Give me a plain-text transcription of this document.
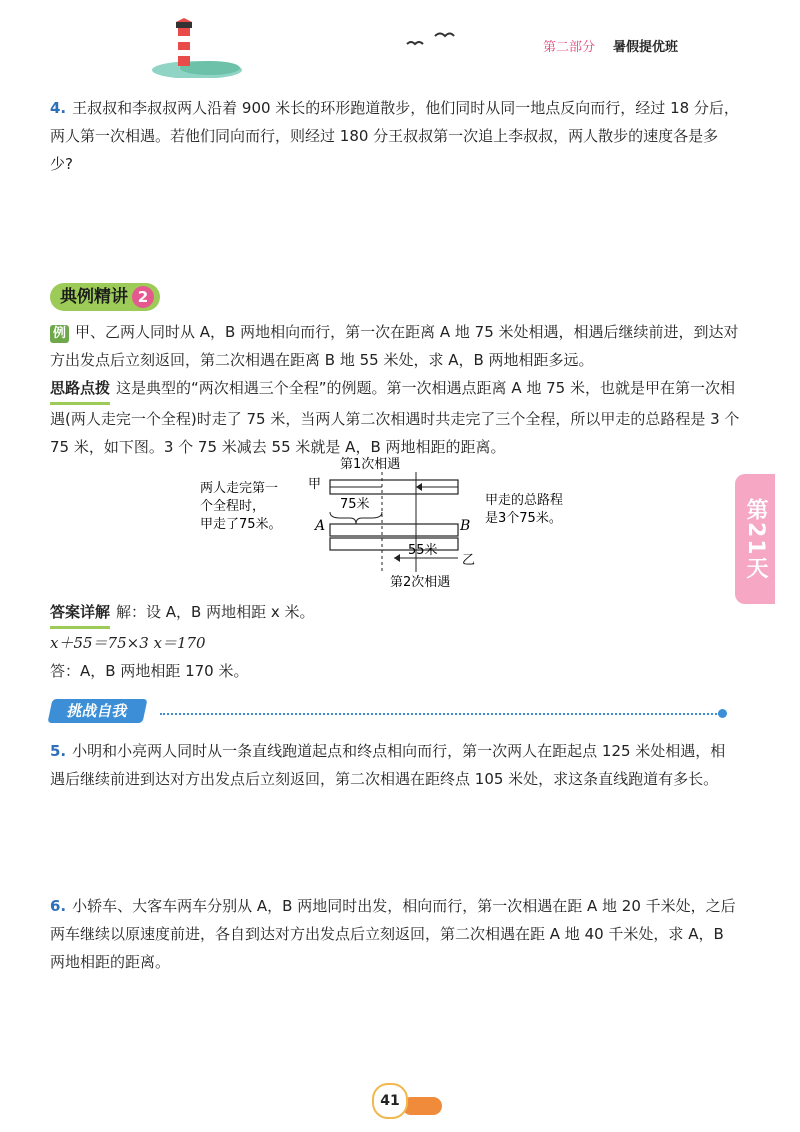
第二部分 暑假提优班
4. 王叔叔和李叔叔两人沿着 900 米长的环形跑道散步，他们同时从同一地点反向而行，经过 18 分后，两人第一次相遇。若他们同向而行，则经过 180 分王叔叔第一次追上李叔叔，两人散步的速度各是多少?
典例精讲 2
例 甲、乙两人同时从 A，B 两地相向而行，第一次在距离 A 地 75 米处相遇，相遇后继续前进，到达对方出发点后立刻返回，第二次相遇在距离 B 地 55 米处，求 A，B 两地相距多远。
思路点拨 这是典型的“两次相遇三个全程”的例题。第一次相遇点距离 A 地 75 米，也就是甲在第一次相遇(两人走完一个全程)时走了 75 米，当两人第二次相遇时共走完了三个全程，所以甲走的总路程是 3 个 75 米，如下图。3 个 75 米减去 55 米就是 A，B 两地相距的距离。
第1次相遇
甲
75米
A	B
55米
乙
第2次相遇
两人走完第一
个全程时，
甲走了75米。
甲走的总路程
是3个75米。
答案详解 解：设 A，B 两地相距 x 米。
x＋55＝75×3 x＝170
答：A，B 两地相距 170 米。
第21天
挑战自我
5. 小明和小亮两人同时从一条直线跑道起点和终点相向而行，第一次两人在距起点 125 米处相遇，相遇后继续前进到达对方出发点后立刻返回，第二次相遇在距终点 105 米处，求这条直线跑道有多长。
6. 小轿车、大客车两车分别从 A，B 两地同时出发，相向而行，第一次相遇在距 A 地 20 千米处，之后两车继续以原速度前进，各自到达对方出发点后立刻返回，第二次相遇在距 A 地 40 千米处，求 A，B 两地相距的距离。
41
